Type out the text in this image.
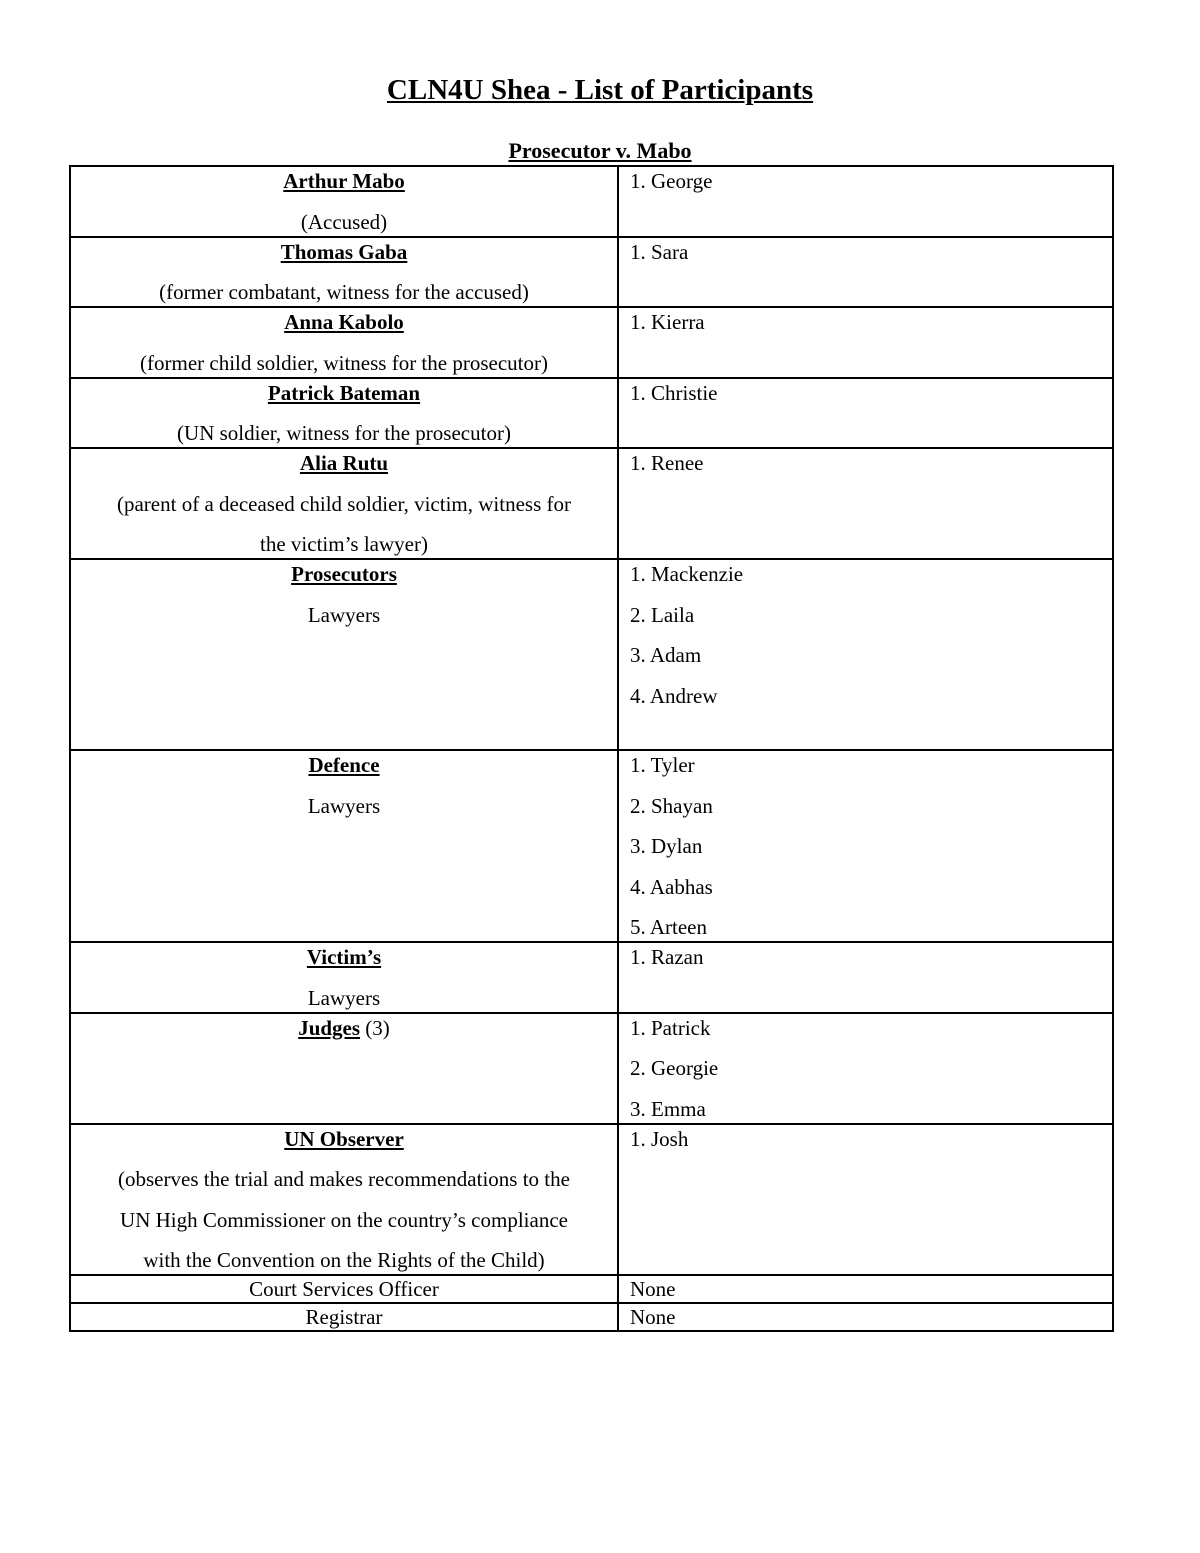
CLN4U Shea - List of Participants
Prosecutor v. Mabo
Arthur Mabo
(Accused)	1. George

Thomas Gaba
(former combatant, witness for the accused)	1. Sara

Anna Kabolo
(former child soldier, witness for the prosecutor)	1. Kierra

Patrick Bateman
(UN soldier, witness for the prosecutor)	1. Christie

Alia Rutu
(parent of a deceased child soldier, victim, witness for
the victim’s lawyer)	1. Renee

Prosecutors
Lawyers	1. Mackenzie
2. Laila
3. Adam
4. Andrew

Defence
Lawyers	1. Tyler
2. Shayan
3. Dylan
4. Aabhas
5. Arteen

Victim’s
Lawyers	1. Razan

Judges (3)	1. Patrick
2. Georgie
3. Emma

UN Observer
(observes the trial and makes recommendations to the
UN High Commissioner on the country’s compliance
with the Convention on the Rights of the Child)	1. Josh

Court Services Officer	None

Registrar	None
